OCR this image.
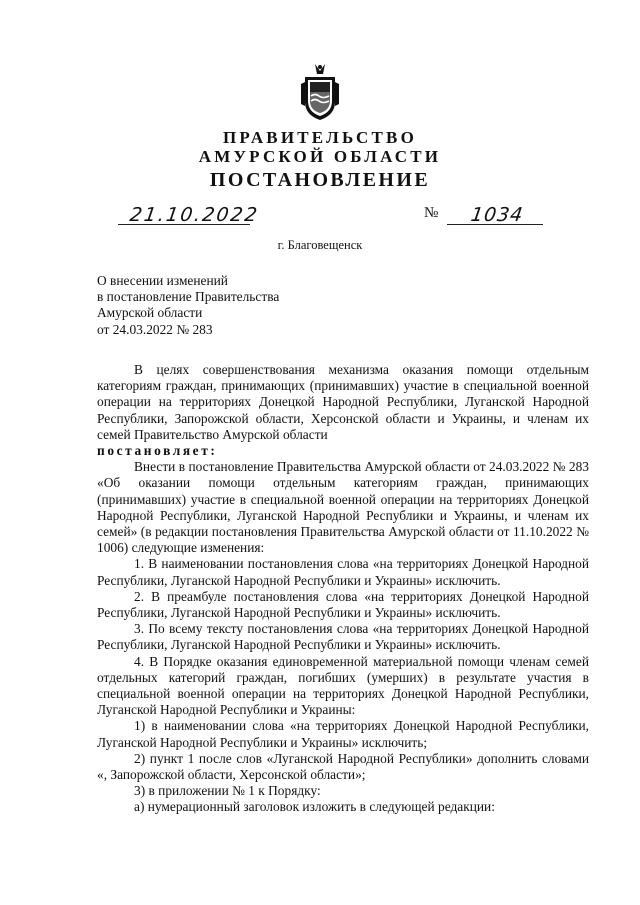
ПРАВИТЕЛЬСТВО
АМУРСКОЙ ОБЛАСТИ
ПОСТАНОВЛЕНИЕ
21.10.2022	№ 1034
г. Благовещенск
О внесении изменений
в постановление Правительства
Амурской области
от 24.03.2022 № 283

В целях совершенствования механизма оказания помощи отдельным категориям граждан, принимающих (принимавших) участие в специальной военной операции на территориях Донецкой Народной Республики, Луганской Народной Республики, Запорожской области, Херсонской области и Украины, и членам их семей Правительство Амурской области

постановляет:

Внести в постановление Правительства Амурской области от 24.03.2022 № 283 «Об оказании помощи отдельным категориям граждан, принимающих (принимавших) участие в специальной военной операции на территориях Донецкой Народной Республики, Луганской Народной Республики и Украины, и членам их семей» (в редакции постановления Правительства Амурской области от 11.10.2022 № 1006) следующие изменения:

1. В наименовании постановления слова «на территориях Донецкой Народной Республики, Луганской Народной Республики и Украины» исключить.

2. В преамбуле постановления слова «на территориях Донецкой Народной Республики, Луганской Народной Республики и Украины» исключить.

3. По всему тексту постановления слова «на территориях Донецкой Народной Республики, Луганской Народной Республики и Украины» исключить.

4. В Порядке оказания единовременной материальной помощи членам семей отдельных категорий граждан, погибших (умерших) в результате участия в специальной военной операции на территориях Донецкой Народной Республики, Луганской Народной Республики и Украины:

1) в наименовании слова «на территориях Донецкой Народной Республики, Луганской Народной Республики и Украины» исключить;

2) пункт 1 после слов «Луганской Народной Республики» дополнить словами «, Запорожской области, Херсонской области»;

3) в приложении № 1 к Порядку:

а) нумерационный заголовок изложить в следующей редакции:
